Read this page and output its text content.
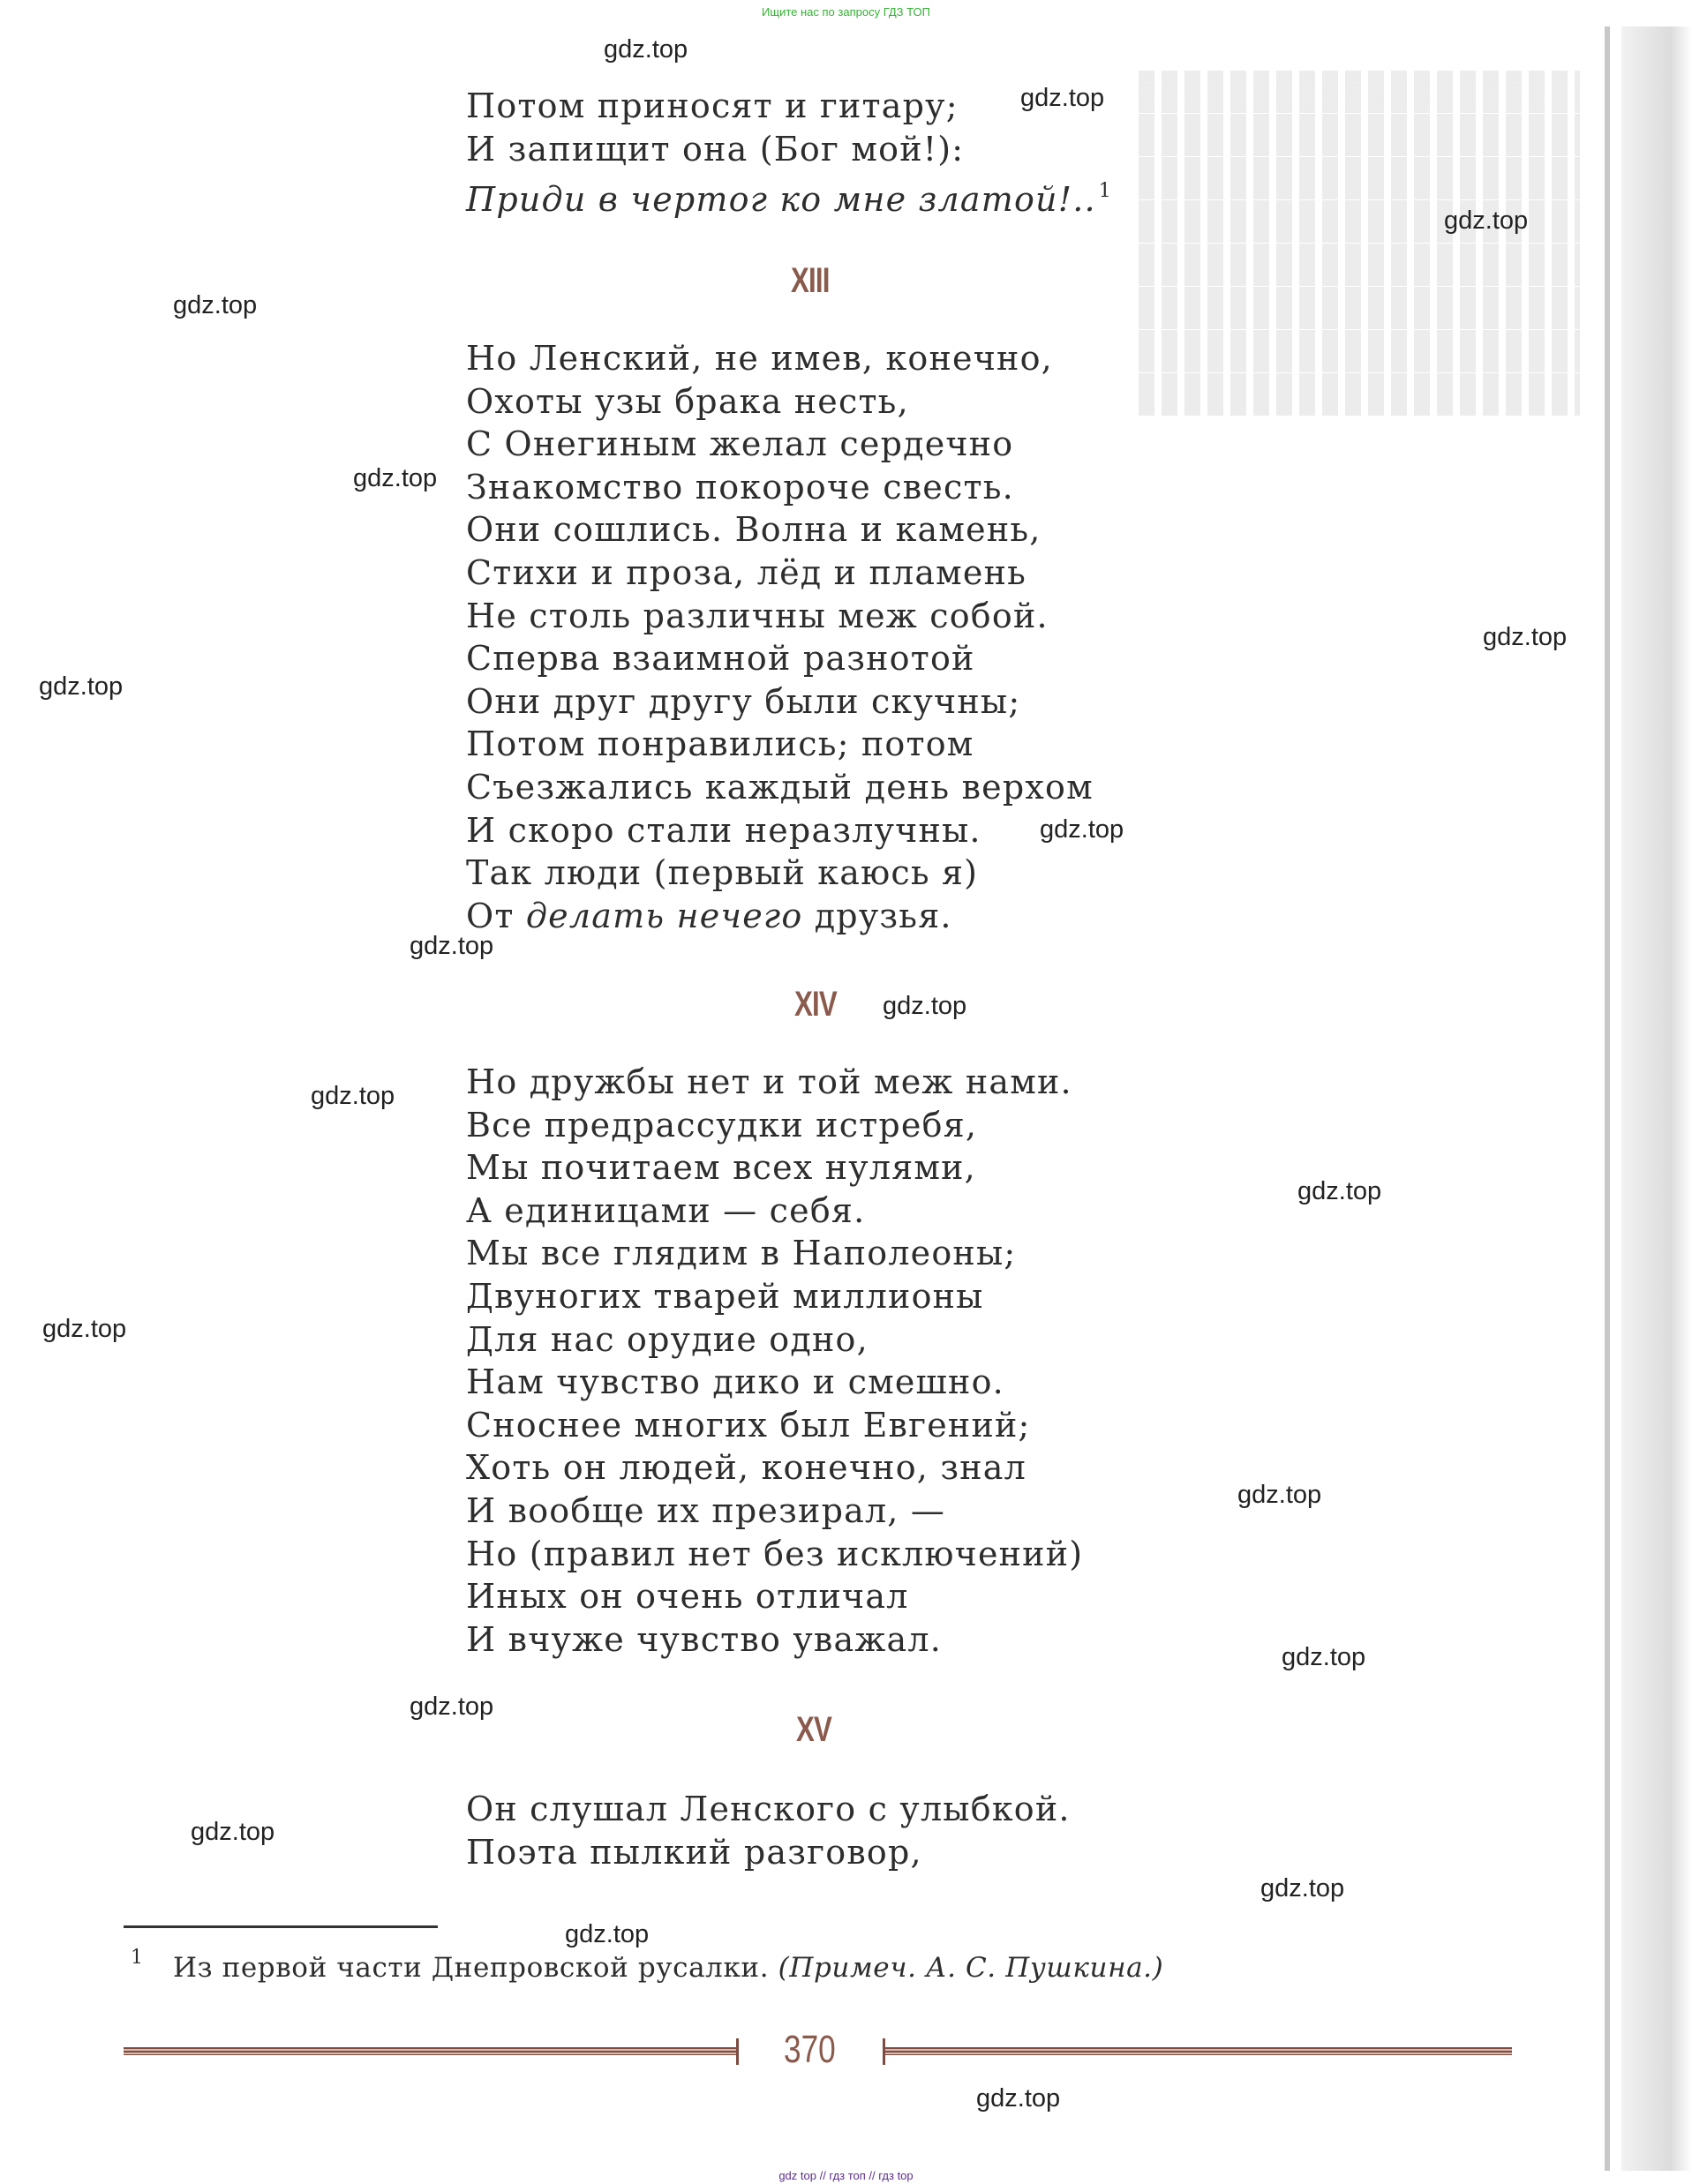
Ищите нас по запросу ГДЗ ТОП
Потом приносят и гитару;
И запищит она (Бог мой!):
Приди в чертог ко мне златой!.. $^1$
XIII
Но Ленский, не имев, конечно,
Охоты узы брака несть,
С Онегиным желал сердечно
Знакомство покороче свесть.
Они сошлись. Волна и камень,
Стихи и проза, лёд и пламень
Не столь различны меж собой.
Сперва взаимной разнотой
Они друг другу были скучны;
Потом понравились; потом
Съезжались каждый день верхом
И скоро стали неразлучны.
Так люди (первый каюсь я)
От делать нечего друзья.
XIV
Но дружбы нет и той меж нами.
Все предрассудки истребя,
Мы почитаем всех нулями,
А единицами — себя.
Мы все глядим в Наполеоны;
Двуногих тварей миллионы
Для нас орудие одно,
Нам чувство дико и смешно.
Сноснее многих был Евгений;
Хоть он людей, конечно, знал
И вообще их презирал, —
Но (правил нет без исключений)
Иных он очень отличал
И вчуже чувство уважал.
XV
Он слушал Ленского с улыбкой.
Поэта пылкий разговор,
1 Из первой части Днепровской русалки. (Примеч. А. С. Пушкина.)
370
gdz.top
gdz.top
gdz.top
gdz.top
gdz.top
gdz.top
gdz.top
gdz.top
gdz.top
gdz.top
gdz.top
gdz.top
gdz.top
gdz.top
gdz.top
gdz.top
gdz.top
gdz.top
gdz.top
gdz.top
gdz top // гдз топ // гдз top
